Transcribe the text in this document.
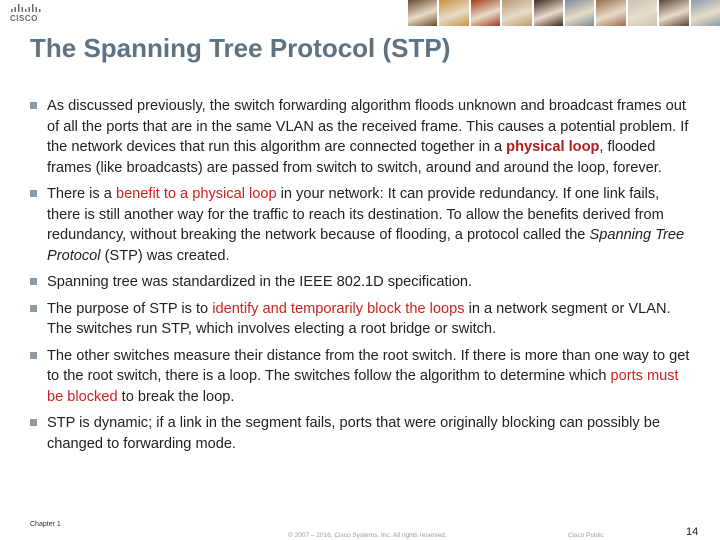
CISCO
The Spanning Tree Protocol (STP)
As discussed previously, the switch forwarding algorithm floods unknown and broadcast frames out of all the ports that are in the same VLAN as the received frame. This causes a potential problem. If the network devices that run this algorithm are connected together in a physical loop, flooded frames (like broadcasts) are passed from switch to switch, around and around the loop, forever.
There is a benefit to a physical loop in your network: It can provide redundancy. If one link fails, there is still another way for the traffic to reach its destination. To allow the benefits derived from redundancy, without breaking the network because of flooding, a protocol called the Spanning Tree Protocol (STP) was created.
Spanning tree was standardized in the IEEE 802.1D specification.
The purpose of STP is to identify and temporarily block the loops in a network segment or VLAN. The switches run STP, which involves electing a root bridge or switch.
The other switches measure their distance from the root switch. If there is more than one way to get to the root switch, there is a loop. The switches follow the algorithm to determine which ports must be blocked to break the loop.
STP is dynamic; if a link in the segment fails, ports that were originally blocking can possibly be changed to forwarding mode.
Chapter 1
© 2007 – 2016, Cisco Systems, Inc. All rights reserved.	Cisco Public	14
